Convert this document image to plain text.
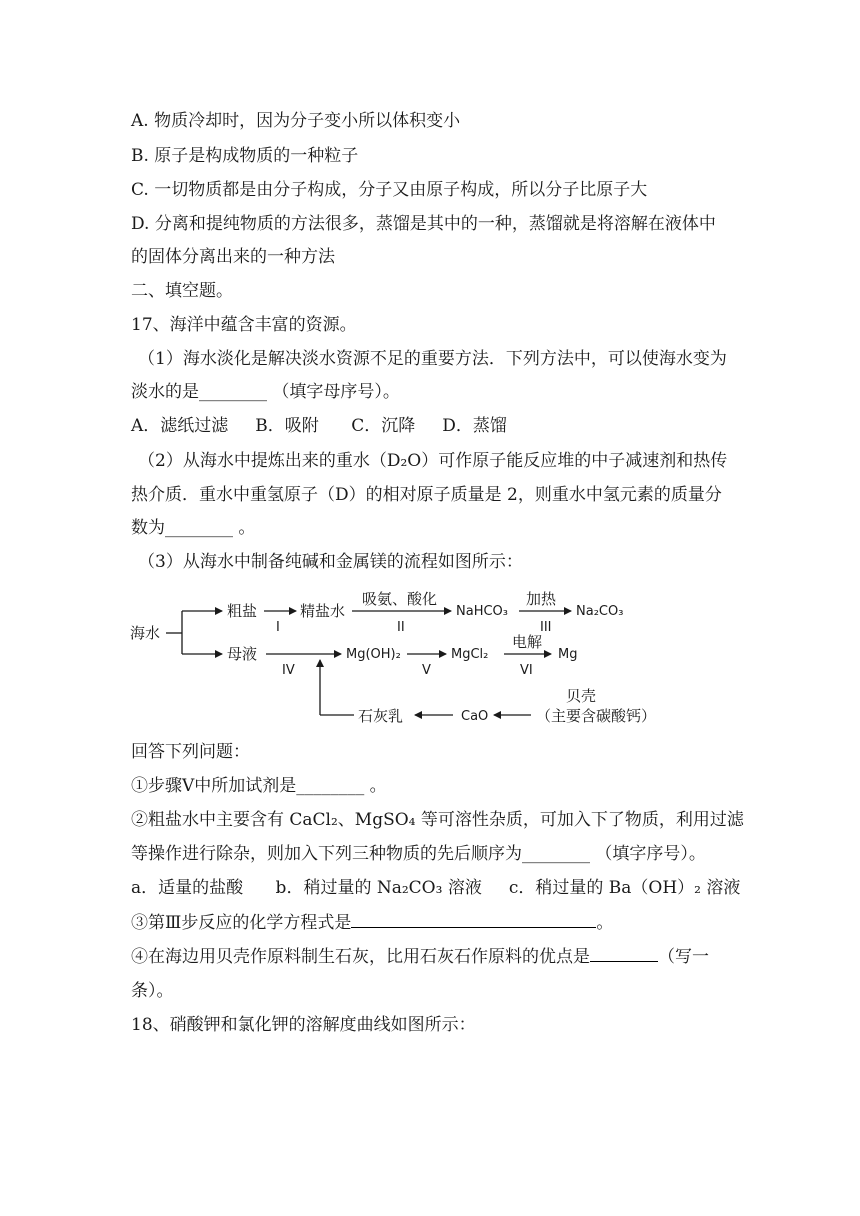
A. 物质冷却时，因为分子变小所以体积变小
B. 原子是构成物质的一种粒子
C. 一切物质都是由分子构成，分子又由原子构成，所以分子比原子大
D. 分离和提纯物质的方法很多，蒸馏是其中的一种，蒸馏就是将溶解在液体中
的固体分离出来的一种方法
二、填空题。
17、海洋中蕴含丰富的资源。
（1）海水淡化是解决淡水资源不足的重要方法．下列方法中，可以使海水变为
淡水的是________ （填字母序号）。
A．滤纸过滤     B．吸附      C．沉降     D．蒸馏
（2）从海水中提炼出来的重水（D₂O）可作原子能反应堆的中子减速剂和热传
热介质．重水中重氢原子（D）的相对原子质量是 2，则重水中氢元素的质量分
数为________ 。
（3）从海水中制备纯碱和金属镁的流程如图所示：
海水
粗盐	精盐水
母液
吸氨、酸化	加热
电解
贝壳
（主要含碳酸钙）
石灰乳
NaHCO₃	Na₂CO₃
Mg(OH)₂	MgCl₂	Mg
CaO
I	II	III
IV	V	VI
回答下列问题：
①步骤Ⅴ中所加试剂是________ 。
②粗盐水中主要含有 CaCl₂、MgSO₄ 等可溶性杂质，可加入下了物质，利用过滤
等操作进行除杂，则加入下列三种物质的先后顺序为________ （填字序号）。
a．适量的盐酸      b．稍过量的 Na₂CO₃ 溶液     c．稍过量的 Ba（OH）₂ 溶液
③第Ⅲ步反应的化学方程式是	。
④在海边用贝壳作原料制生石灰，比用石灰石作原料的优点是	（写一
条）。
18、硝酸钾和氯化钾的溶解度曲线如图所示：
